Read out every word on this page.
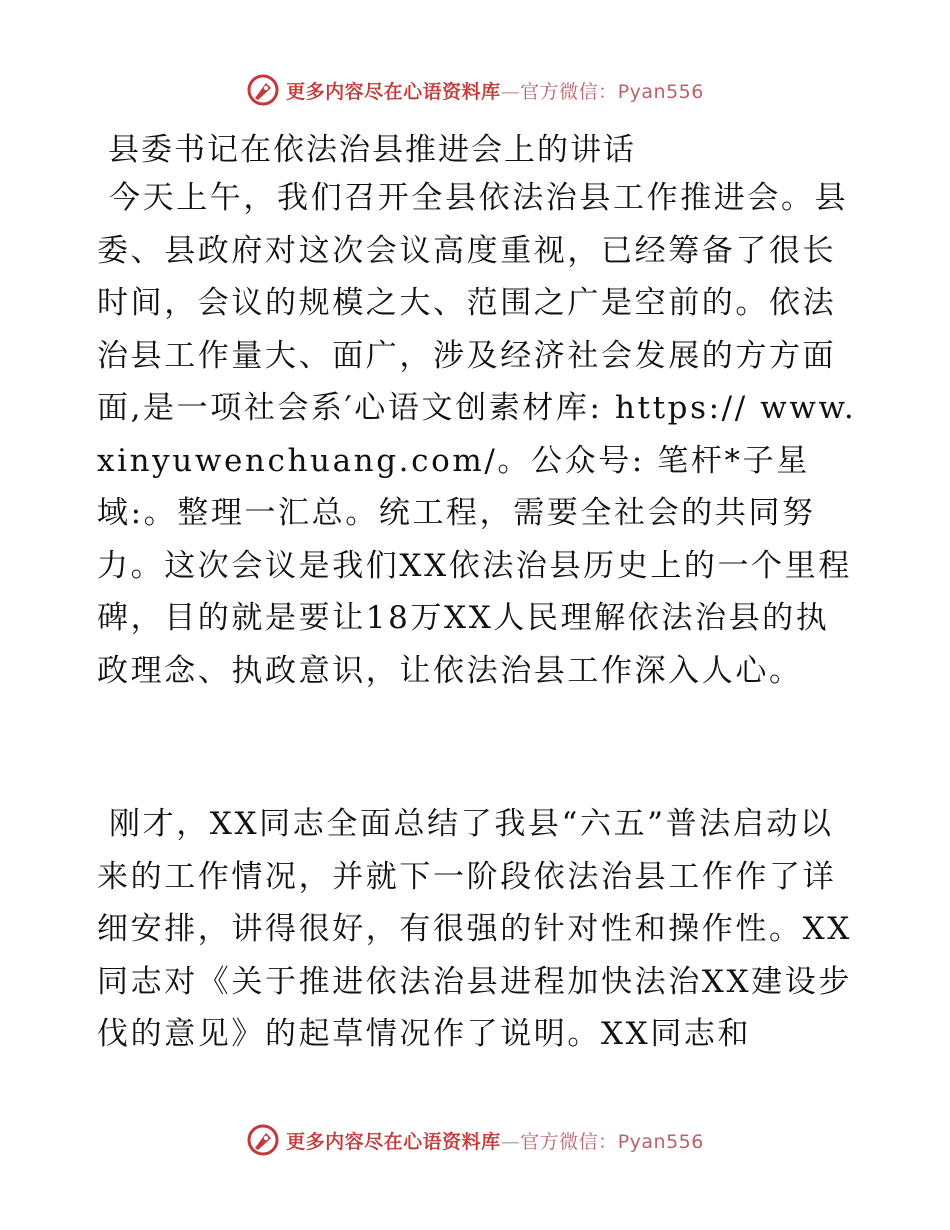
更多内容尽在心语资料库—官方微信：Pyan556
县委书记在依法治县推进会上的讲话

今天上午，我们召开全县依法治县工作推进会。县委、县政府对这次会议高度重视，已经筹备了很长时间，会议的规模之大、范围之广是空前的。依法治县工作量大、面广，涉及经济社会发展的方方面面,是一项社会系′心语文创素材库: https:// www.xinyuwenchuang.com/。公众号: 笔杆*子星域:。整理一汇总。统工程，需要全社会的共同努力。这次会议是我们XX依法治县历史上的一个里程碑，目的就是要让18万XX人民理解依法治县的执政理念、执政意识，让依法治县工作深入人心。

刚才，XX同志全面总结了我县“六五”普法启动以来的工作情况，并就下一阶段依法治县工作作了详细安排，讲得很好，有很强的针对性和操作性。XX同志对《关于推进依法治县进程加快法治XX建设步伐的意见》的起草情况作了说明。XX同志和

更多内容尽在心语资料库—官方微信：Pyan556
